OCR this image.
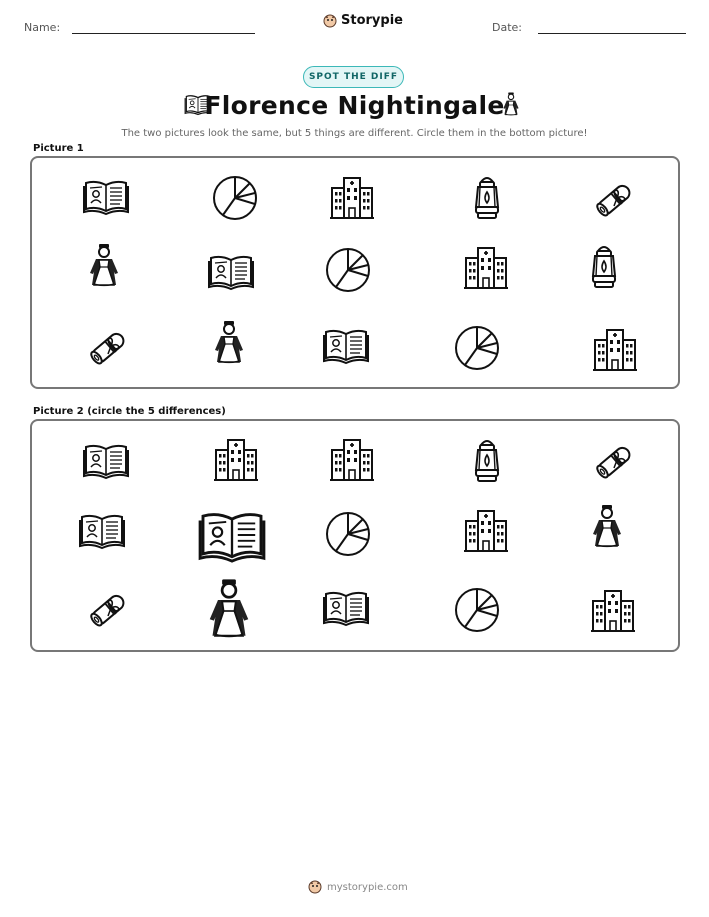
Name:	Storypie	Date:
SPOT THE DIFF
Florence Nightingale
The two pictures look the same, but 5 things are different. Circle them in the bottom picture!
Picture 1
Picture 2 (circle the 5 differences)
mystorypie.com
